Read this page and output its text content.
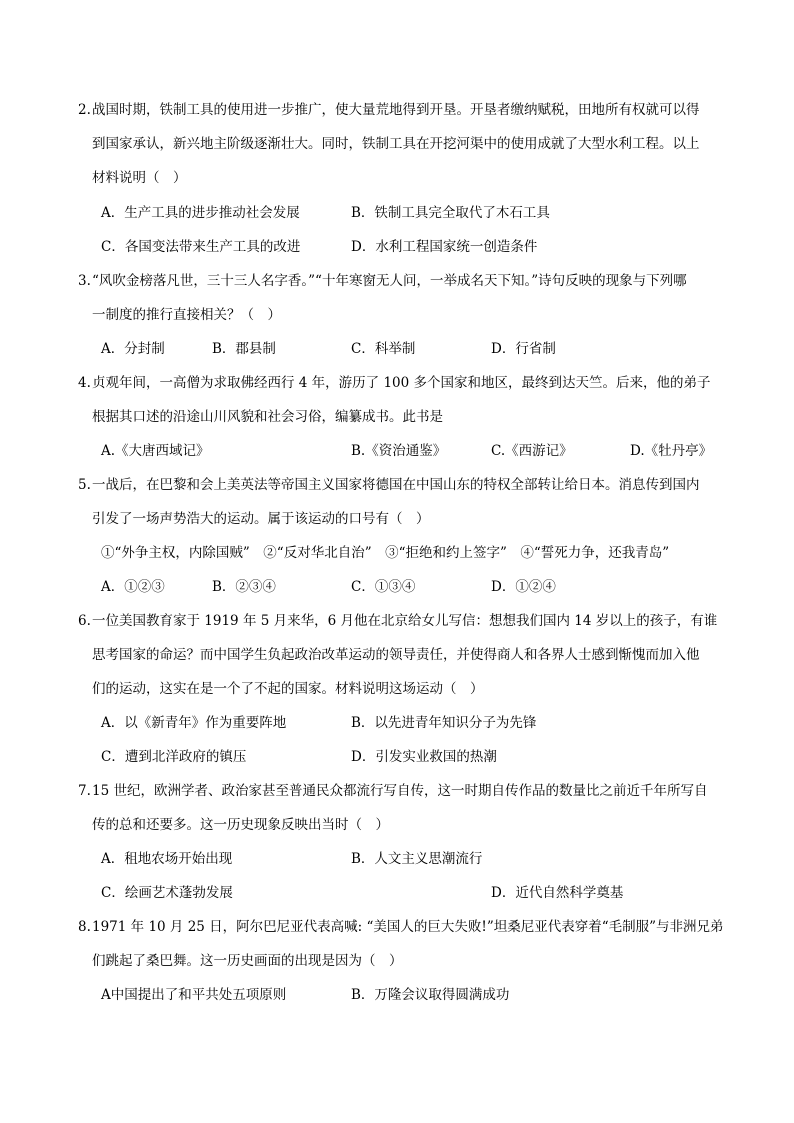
2. 战国时期，铁制工具的使用进一步推广，使大量荒地得到开垦。开垦者缴纳赋税，田地所有权就可以得
到国家承认，新兴地主阶级逐渐壮大。同时，铁制工具在开挖河渠中的使用成就了大型水利工程。以上
材料说明（　）
A．生产工具的进步推动社会发展	B．铁制工具完全取代了木石工具
C．各国变法带来生产工具的改进	D．水利工程国家统一创造条件
3. “风吹金榜落凡世，三十三人名字香。”“十年寒窗无人问，一举成名天下知。”诗句反映的现象与下列哪
一制度的推行直接相关？（　）
A．分封制	B．郡县制	C．科举制	D．行省制
4. 贞观年间，一高僧为求取佛经西行 4 年，游历了 100 多个国家和地区，最终到达天竺。后来，他的弟子
根据其口述的沿途山川风貌和社会习俗，编纂成书。此书是
A.《大唐西域记》	B.《资治通鉴》	C.《西游记》	D.《牡丹亭》
5. 一战后，在巴黎和会上美英法等帝国主义国家将德国在中国山东的特权全部转让给日本。消息传到国内
引发了一场声势浩大的运动。属于该运动的口号有（　）
①“外争主权，内除国贼”　②“反对华北自治”　③“拒绝和约上签字”　④“誓死力争，还我青岛”
A．①②③	B．②③④	C．①③④	D．①②④
6. 一位美国教育家于 1919 年 5 月来华，6 月他在北京给女儿写信：想想我们国内 14 岁以上的孩子，有谁
思考国家的命运？而中国学生负起政治改革运动的领导责任，并使得商人和各界人士感到惭愧而加入他
们的运动，这实在是一个了不起的国家。材料说明这场运动（　）
A．以《新青年》作为重要阵地	B．以先进青年知识分子为先锋
C．遭到北洋政府的镇压	D．引发实业救国的热潮
7. 15 世纪，欧洲学者、政治家甚至普通民众都流行写自传，这一时期自传作品的数量比之前近千年所写自
传的总和还要多。这一历史现象反映出当时（　）
A．租地农场开始出现	B．人文主义思潮流行
C．绘画艺术蓬勃发展	D．近代自然科学奠基
8. 1971 年 10 月 25 日，阿尔巴尼亚代表高喊: “美国人的巨大失败!”坦桑尼亚代表穿着“毛制服”与非洲兄弟
们跳起了桑巴舞。这一历史画面的出现是因为（　）
A中国提出了和平共处五项原则	B．万隆会议取得圆满成功
